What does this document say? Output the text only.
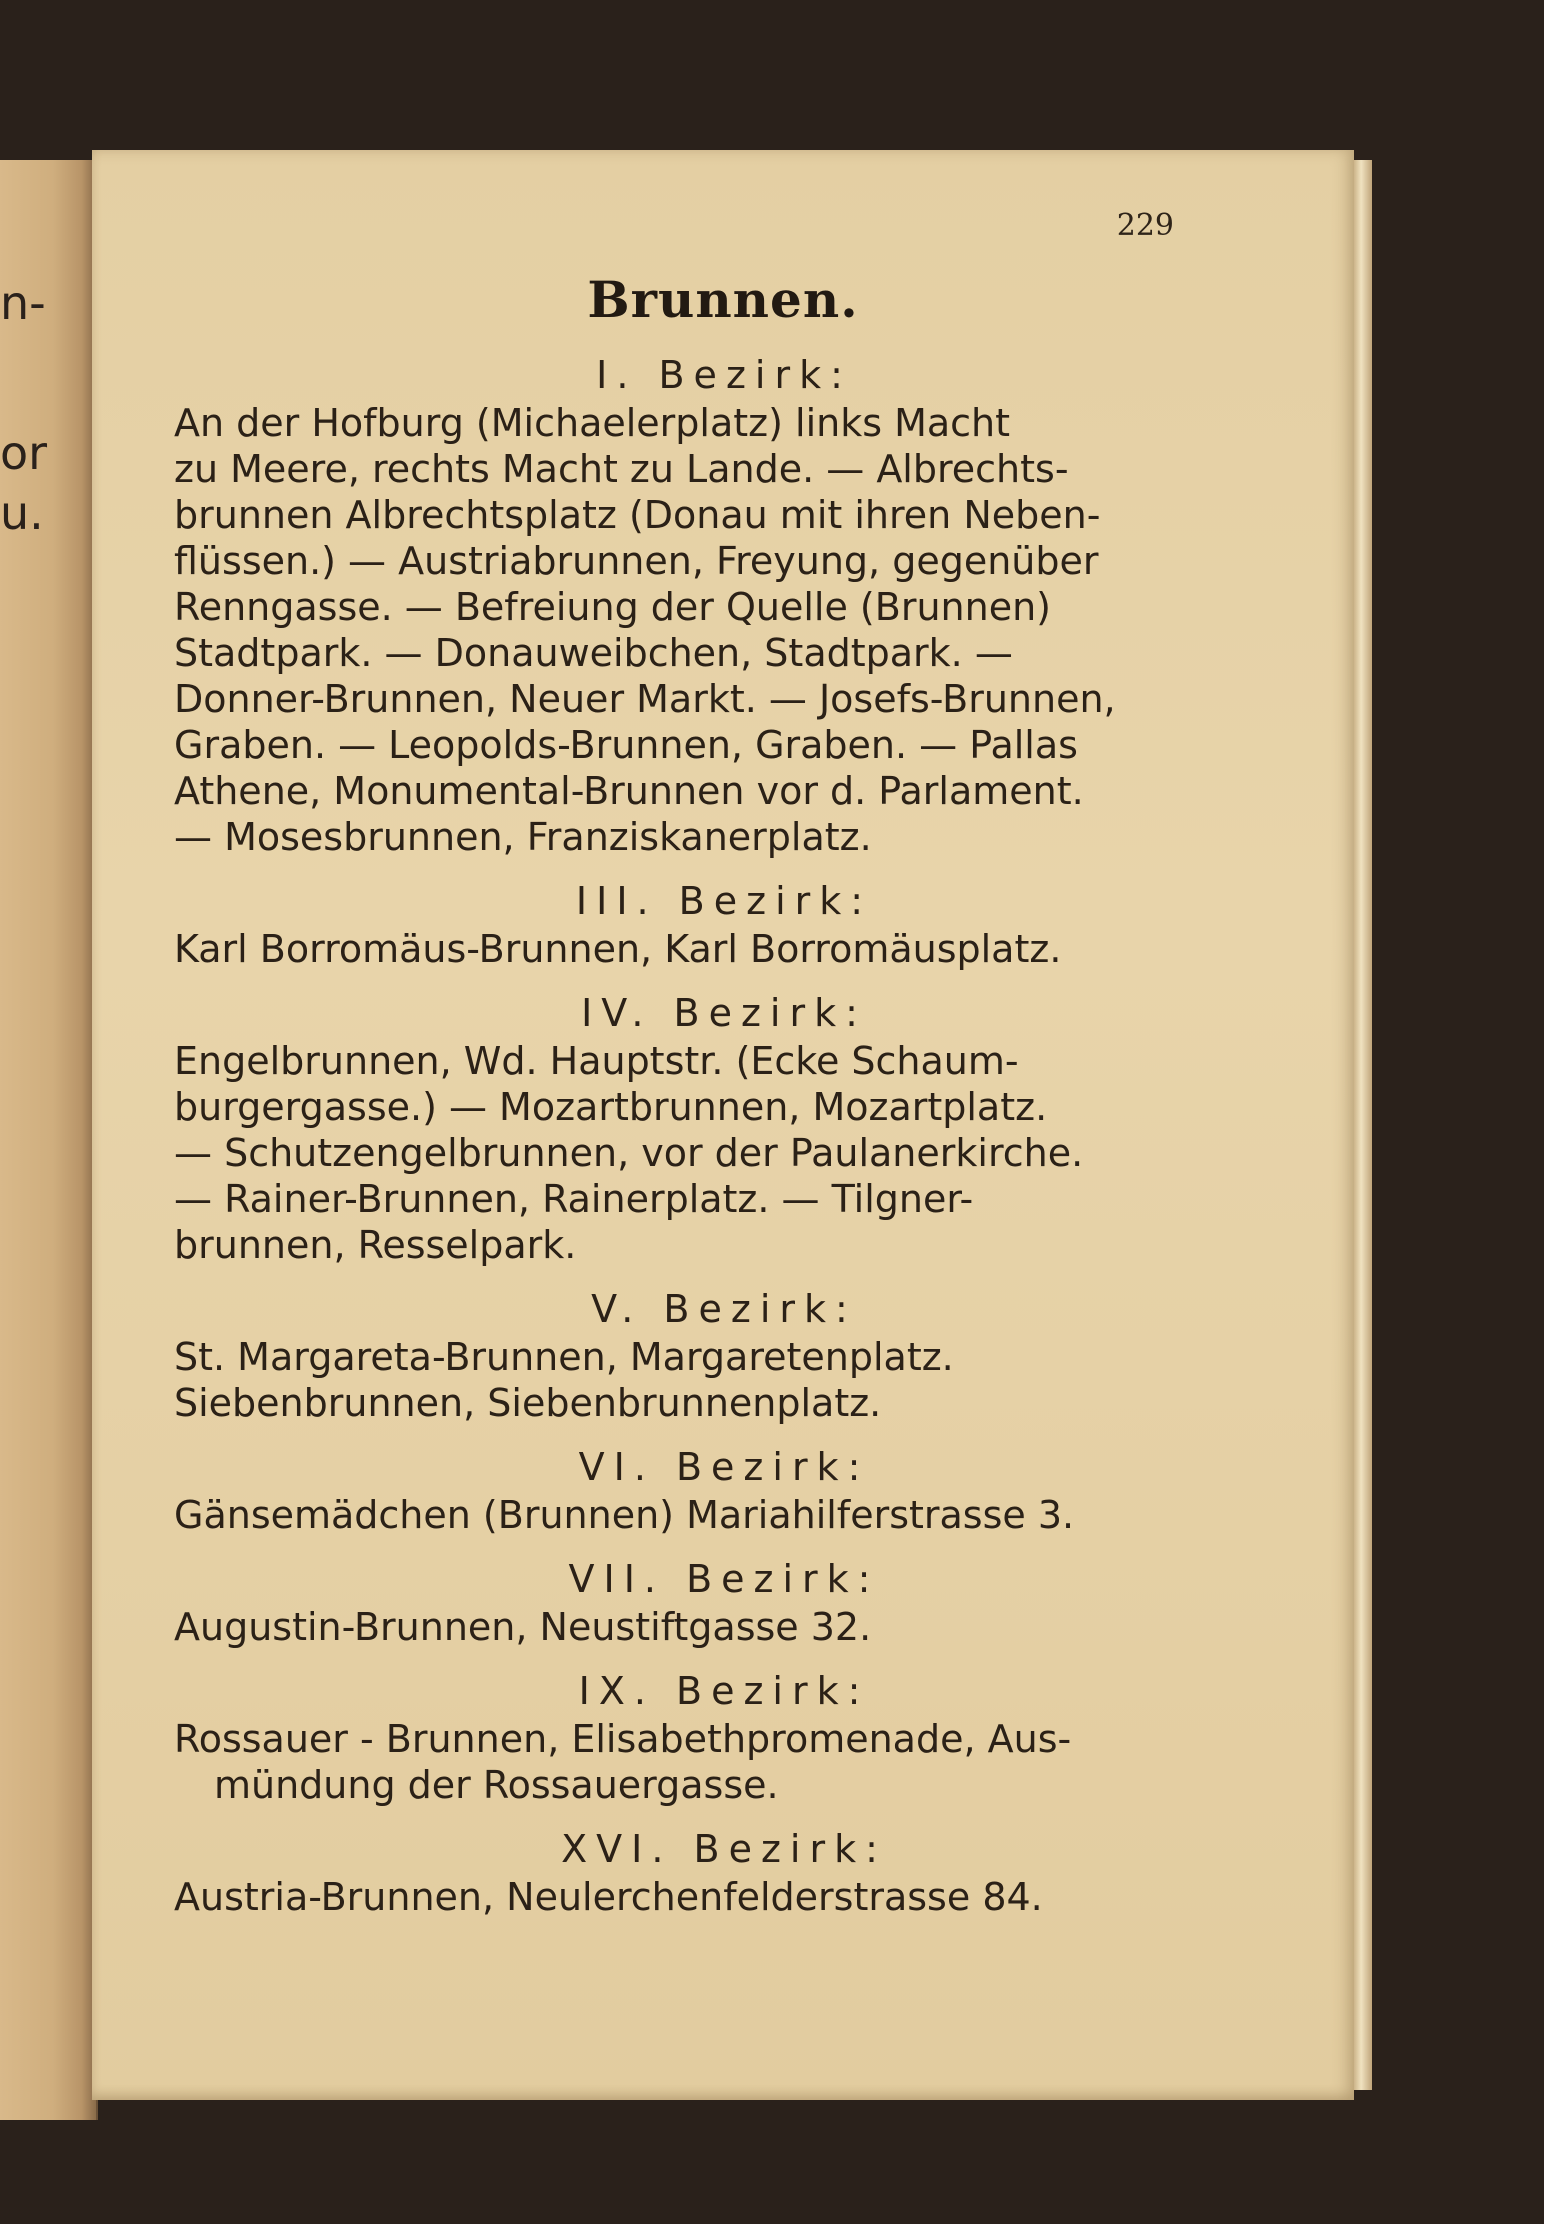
n-
or
u.
229
Brunnen.
I. Bezirk:
An der Hofburg (Michaelerplatz) links Macht
zu Meere, rechts Macht zu Lande. — Albrechts-
brunnen Albrechtsplatz (Donau mit ihren Neben-
flüssen.) — Austriabrunnen, Freyung, gegenüber
Renngasse. — Befreiung der Quelle (Brunnen)
Stadtpark. — Donauweibchen, Stadtpark. —
Donner-Brunnen, Neuer Markt. — Josefs-Brunnen,
Graben. — Leopolds-Brunnen, Graben. — Pallas
Athene, Monumental-Brunnen vor d. Parlament.
— Mosesbrunnen, Franziskanerplatz.
III. Bezirk:
Karl Borromäus-Brunnen, Karl Borromäusplatz.
IV. Bezirk:
Engelbrunnen, Wd. Hauptstr. (Ecke Schaum-
burgergasse.) — Mozartbrunnen, Mozartplatz.
— Schutzengelbrunnen, vor der Paulanerkirche.
— Rainer-Brunnen, Rainerplatz. — Tilgner-
brunnen, Resselpark.
V. Bezirk:
St. Margareta-Brunnen, Margaretenplatz.
Siebenbrunnen, Siebenbrunnenplatz.
VI. Bezirk:
Gänsemädchen (Brunnen) Mariahilferstrasse 3.
VII. Bezirk:
Augustin-Brunnen, Neustiftgasse 32.
IX. Bezirk:
Rossauer - Brunnen, Elisabethpromenade, Aus-
mündung der Rossauergasse.
XVI. Bezirk:
Austria-Brunnen, Neulerchenfelderstrasse 84.
